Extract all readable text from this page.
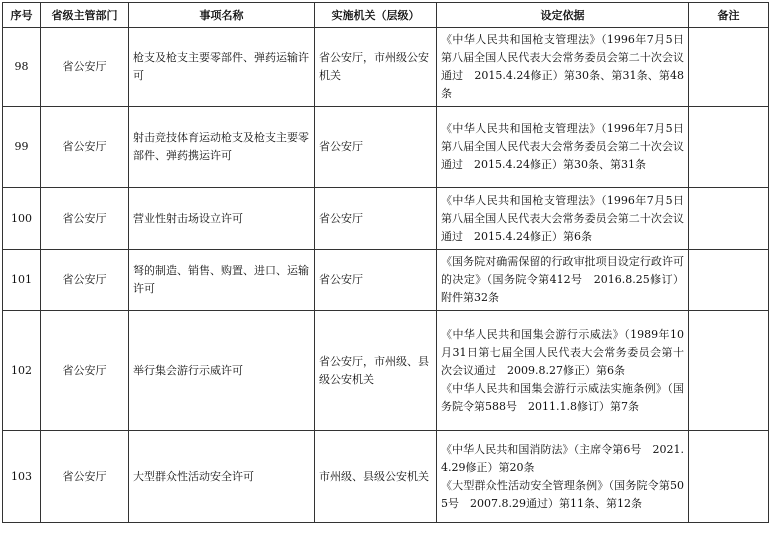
序号	省级主管部门	事项名称	实施机关（层级）	设定依据	备注
98	省公安厅	枪支及枪支主要零部件、弹药运输许可	省公安厅，市州级公安机关	《中华人民共和国枪支管理法》（1996年7月5日第八届全国人民代表大会常务委员会第二十次会议通过　2015.4.24修正）第30条、第31条、第48条	

99	省公安厅	射击竞技体育运动枪支及枪支主要零部件、弹药携运许可	省公安厅	《中华人民共和国枪支管理法》（1996年7月5日第八届全国人民代表大会常务委员会第二十次会议通过　2015.4.24修正）第30条、第31条	

100	省公安厅	营业性射击场设立许可	省公安厅	《中华人民共和国枪支管理法》（1996年7月5日第八届全国人民代表大会常务委员会第二十次会议通过　2015.4.24修正）第6条	

101	省公安厅	弩的制造、销售、购置、进口、运输许可	省公安厅	《国务院对确需保留的行政审批项目设定行政许可的决定》（国务院令第412号　2016.8.25修订）附件第32条	

102	省公安厅	举行集会游行示威许可	省公安厅，市州级、县级公安机关	《中华人民共和国集会游行示威法》（1989年10月31日第七届全国人民代表大会常务委员会第十次会议通过　2009.8.27修正）第6条
《中华人民共和国集会游行示威法实施条例》（国务院令第588号　2011.1.8修订）第7条	

103	省公安厅	大型群众性活动安全许可	市州级、县级公安机关	《中华人民共和国消防法》（主席令第6号　2021.4.29修正）第20条
《大型群众性活动安全管理条例》（国务院令第505号　2007.8.29通过）第11条、第12条	
